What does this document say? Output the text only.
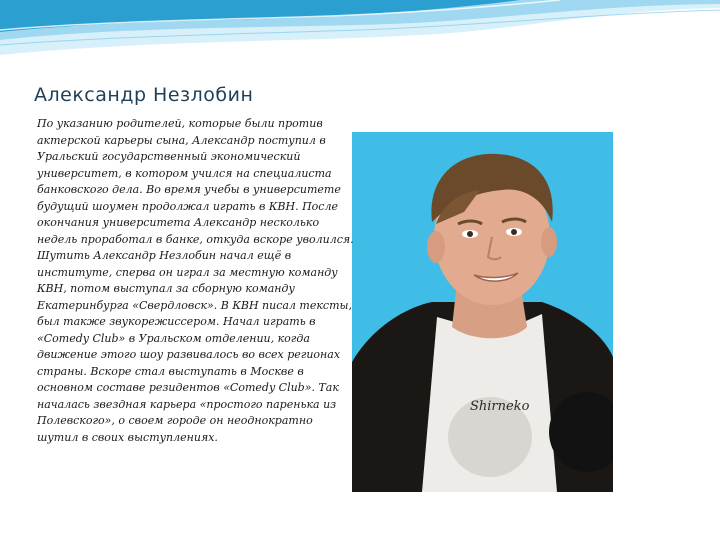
Александр Незлобин
Shirneko

По указанию родителей, которые были против актерской карьеры сына, Александр поступил в Уральский государственный экономический университет, в котором учился на специалиста банковского дела. Во время учебы в университете будущий шоумен продолжал играть в КВН. После окончания университета Александр несколько недель проработал в банке, откуда вскоре уволился.

Шутить Александр Незлобин начал ещё в институте, сперва он играл за местную команду КВН, потом выступал за сборную команду Екатеринбурга «Свердловск». В КВН писал тексты, был также звукорежиссером. Начал играть в «Comedy Club» в Уральском отделении, когда движение этого шоу развивалось во всех регионах страны. Вскоре стал выступать в Москве в основном составе резидентов «Comedy Club». Так началась звездная карьера «простого паренька из Полевского», о своем городе он неоднократно шутил в своих выступлениях.
